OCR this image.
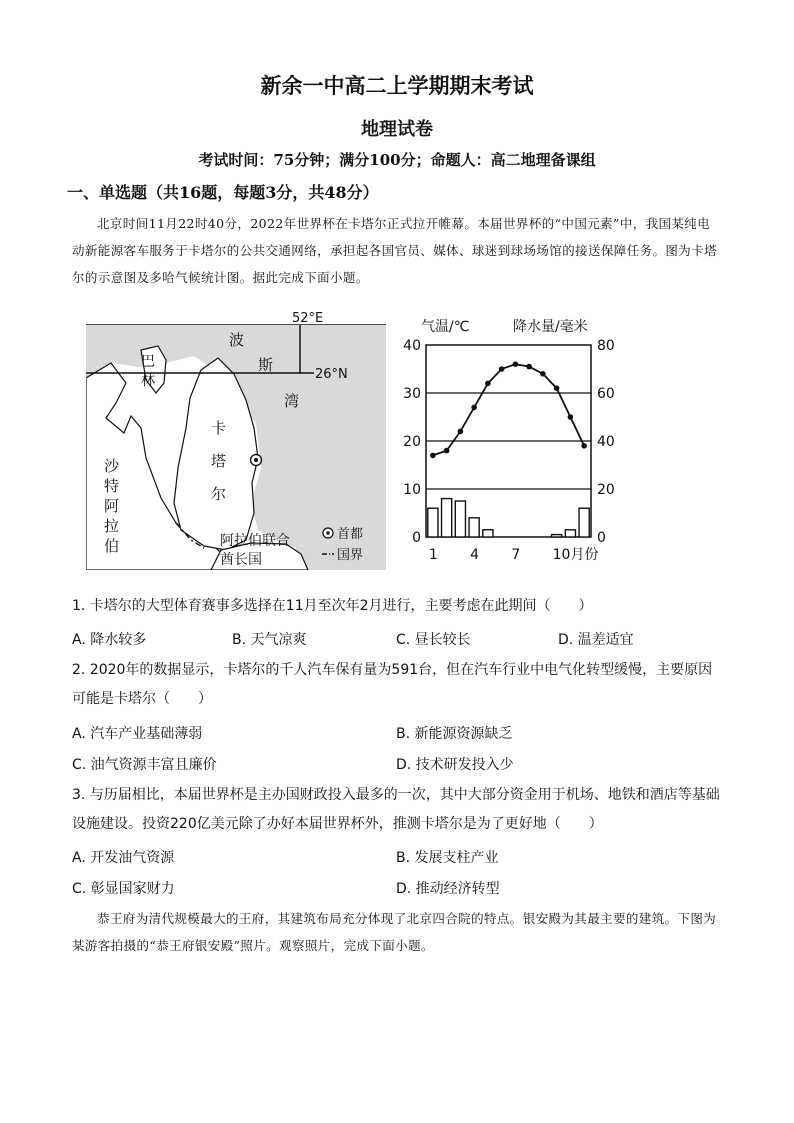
新余一中高二上学期期末考试
地理试卷
考试时间：75分钟；满分100分；命题人：高二地理备课组
一、单选题（共16题，每题3分，共48分）
北京时间11月22时40分，2022年世界杯在卡塔尔正式拉开帷幕。本届世界杯的“中国元素”中，我国某纯电动新能源客车服务于卡塔尔的公共交通网络，承担起各国官员、媒体、球迷到球场场馆的接送保障任务。图为卡塔尔的示意图及多哈气候统计图。据此完成下面小题。
52°E
26°N
波
斯
湾
巴
林
卡
塔
尔
沙
特
阿
拉
伯	阿拉伯联合
酋长国
首都
国界
气温/℃	降水量/毫米
40
30
20
10
0
80
60
40
20
0
1 4 7 10月份
1. 卡塔尔的大型体育赛事多选择在11月至次年2月进行，主要考虑在此期间（　　）
A. 降水较多	B. 天气凉爽	C. 昼长较长	D. 温差适宜
2. 2020年的数据显示，卡塔尔的千人汽车保有量为591台，但在汽车行业中电气化转型缓慢，主要原因可能是卡塔尔（　　）
A. 汽车产业基础薄弱	B. 新能源资源缺乏
C. 油气资源丰富且廉价	D. 技术研发投入少
3. 与历届相比，本届世界杯是主办国财政投入最多的一次，其中大部分资金用于机场、地铁和酒店等基础设施建设。投资220亿美元除了办好本届世界杯外，推测卡塔尔是为了更好地（　　）
A. 开发油气资源	B. 发展支柱产业
C. 彰显国家财力	D. 推动经济转型
恭王府为清代规模最大的王府，其建筑布局充分体现了北京四合院的特点。银安殿为其最主要的建筑。下图为某游客拍摄的“恭王府银安殿”照片。观察照片，完成下面小题。
